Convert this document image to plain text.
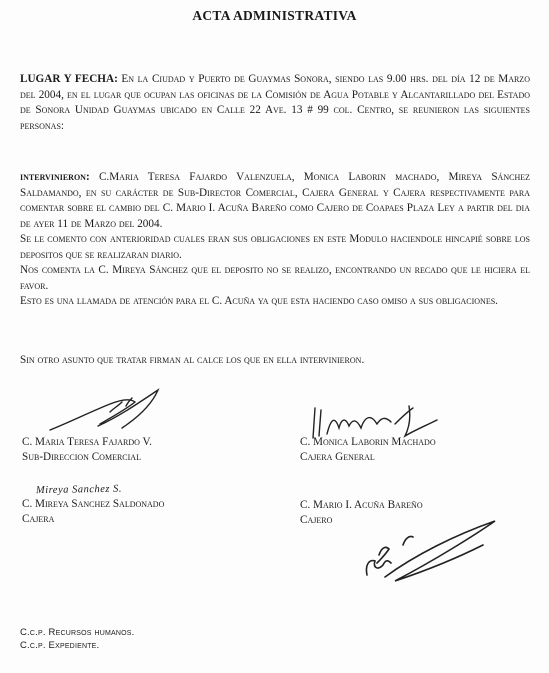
ACTA ADMINISTRATIVA
LUGAR Y FECHA: En la Ciudad y Puerto de Guaymas Sonora, siendo las 9.00 hrs. del día 12 de Marzo del 2004, en el lugar que ocupan las oficinas de la Comisión de Agua Potable y Alcantarillado del Estado de Sonora Unidad Guaymas ubicado en Calle 22 Ave. 13 # 99 col. Centro, se reunieron las siguientes personas:
intervinieron: C.Maria Teresa Fajardo Valenzuela, Monica Laborin machado, Mireya Sánchez Saldamando, en su carácter de Sub-Director Comercial, Cajera General y Cajera respectivamente para comentar sobre el cambio del C. Mario I. Acuña Bareño como Cajero de Coapaes Plaza Ley a partir del dia de ayer 11 de Marzo del 2004.
Se le comento con anterioridad cuales eran sus obligaciones en este Modulo haciendole hincapié sobre los depositos que se realizaran diario.
Nos comenta la C. Mireya Sánchez que el deposito no se realizo, encontrando un recado que le hiciera el favor.
Esto es una llamada de atención para el C. Acuña ya que esta haciendo caso omiso a sus obligaciones.
Sin otro asunto que tratar firman al calce los que en ella intervinieron.
C. Maria Teresa Fajardo V.
Sub-Direccion Comercial
C. Monica Laborin Machado
Cajera General
Mireya Sanchez S.
C. Mireya Sanchez Saldonado
Cajera
C. Mario I. Acuña Bareño
Cajero
C.c.p. Recursos humanos.
C.c.p. Expediente.
